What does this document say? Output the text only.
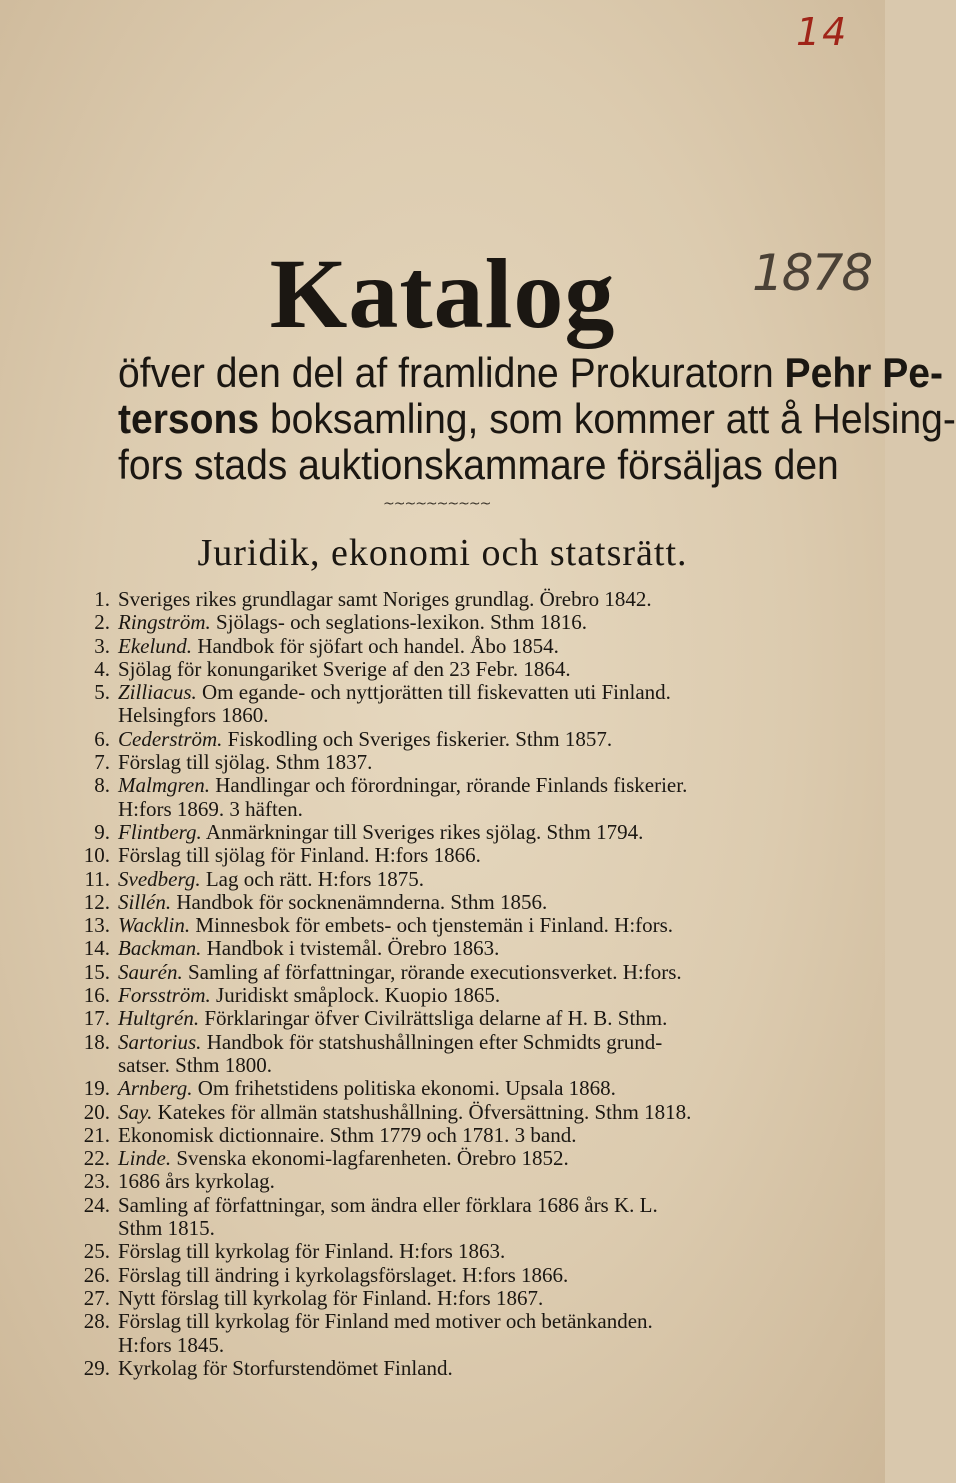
14
1878
Katalog
öfver den del af framlidne Prokuratorn Pehr Pe-
tersons boksamling, som kommer att å Helsing-
fors stads auktionskammare försäljas den
~~~~~~~~~~
Juridik, ekonomi och statsrätt.
1. Sveriges rikes grundlagar samt Noriges grundlag. Örebro 1842.
2. Ringström. Sjölags- och seglations-lexikon. Sthm 1816.
3. Ekelund. Handbok för sjöfart och handel. Åbo 1854.
4. Sjölag för konungariket Sverige af den 23 Febr. 1864.
5. Zilliacus. Om egande- och nyttjorätten till fiskevatten uti Finland.
Helsingfors 1860.
6. Cederström. Fiskodling och Sveriges fiskerier. Sthm 1857.
7. Förslag till sjölag. Sthm 1837.
8. Malmgren. Handlingar och förordningar, rörande Finlands fiskerier.
H:fors 1869. 3 häften.
9. Flintberg. Anmärkningar till Sveriges rikes sjölag. Sthm 1794.
10. Förslag till sjölag för Finland. H:fors 1866.
11. Svedberg. Lag och rätt. H:fors 1875.
12. Sillén. Handbok för socknenämnderna. Sthm 1856.
13. Wacklin. Minnesbok för embets- och tjenstemän i Finland. H:fors.
14. Backman. Handbok i tvistemål. Örebro 1863.
15. Saurén. Samling af författningar, rörande executionsverket. H:fors.
16. Forsström. Juridiskt småplock. Kuopio 1865.
17. Hultgrén. Förklaringar öfver Civilrättsliga delarne af H. B. Sthm.
18. Sartorius. Handbok för statshushållningen efter Schmidts grund-
satser. Sthm 1800.
19. Arnberg. Om frihetstidens politiska ekonomi. Upsala 1868.
20. Say. Katekes för allmän statshushållning. Öfversättning. Sthm 1818.
21. Ekonomisk dictionnaire. Sthm 1779 och 1781. 3 band.
22. Linde. Svenska ekonomi-lagfarenheten. Örebro 1852.
23. 1686 års kyrkolag.
24. Samling af författningar, som ändra eller förklara 1686 års K. L.
Sthm 1815.
25. Förslag till kyrkolag för Finland. H:fors 1863.
26. Förslag till ändring i kyrkolagsförslaget. H:fors 1866.
27. Nytt förslag till kyrkolag för Finland. H:fors 1867.
28. Förslag till kyrkolag för Finland med motiver och betänkanden.
H:fors 1845.
29. Kyrkolag för Storfurstendömet Finland.
